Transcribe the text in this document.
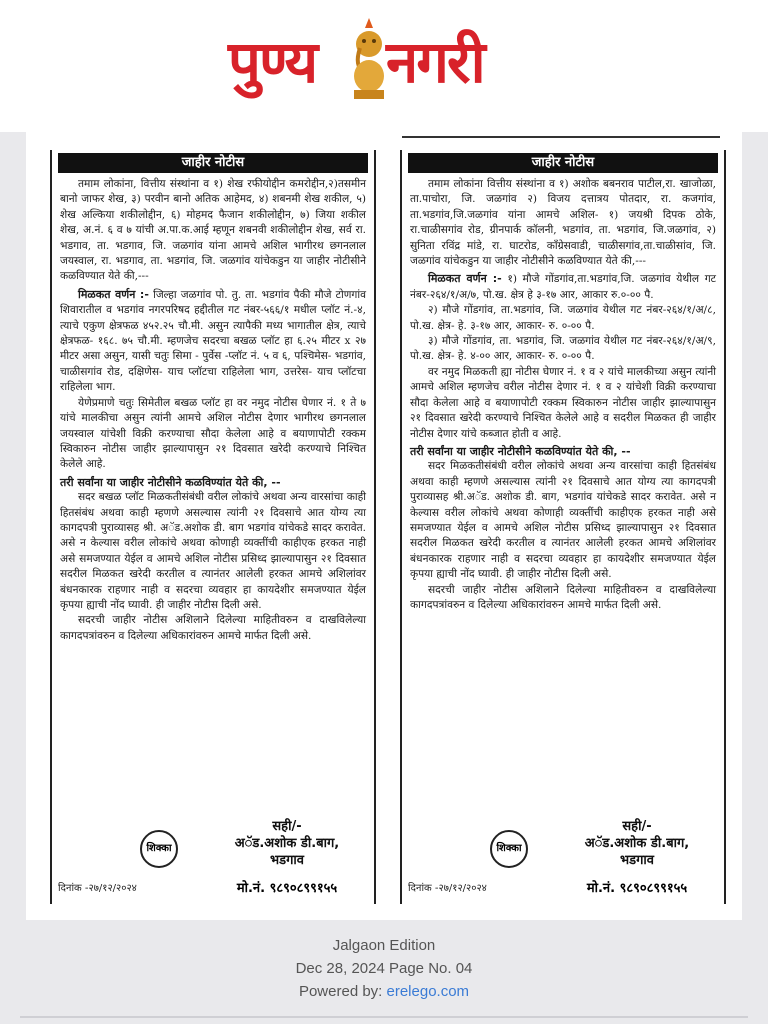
पुण्य नगरी
जाहीर नोटीस

तमाम लोकांना, वित्तीय संस्थांना व १) शेख रफीयोद्दीन कमरोद्दीन,२)तसमीन बानो जाफर शेख, ३) परवीन बानो अतिक आहेमद, ४) शबनमी शेख शकील, ५) शेख अल्किया शकीलोद्दीन, ६) मोहमद फैजान शकीलोद्दीन, ७) जिया शकील शेख, अ.नं. ६ व ७ यांची अ.पा.क.आई म्हणून शबनवी शकीलोद्दीन शेख, सर्व रा. भडगाव, ता. भडगाव, जि. जळगांव यांना आमचे अशिल भागीरथ छगनलाल जयस्वाल, रा. भडगाव, ता. भडगांव, जि. जळगांव यांचेकडुन या जाहीर नोटीसीने कळविण्यात येते की,---

मिळकत वर्णन :- जिल्हा जळगांव पो. तु. ता. भडगांव पैकी मौजे टोणगांव शिवारातील व भडगांव नगरपरिषद हद्दीतील गट नंबर-५६६/१ मधील प्लॉट नं.-४, त्याचे एकुण क्षेत्रफळ ४५२.२५ चौ.मी. असुन त्यापैकी मध्य भागातील क्षेत्र, त्याचे क्षेत्रफळ- १६८. ७५ चौ.मी. म्हणजेच सदरचा बखळ प्लॉट हा ६.२५ मीटर x २७ मीटर असा असुन, यासी चतुः सिमा - पुर्वेस -प्लॉट नं. ५ व ६, पश्चिमेस- भडगांव, चाळीसगांव रोड, दक्षिणेस- याच प्लॉटचा राहिलेला भाग, उत्तरेस- याच प्लॉटचा राहिलेला भाग.

येणेप्रमाणे चतुः सिमेतील बखळ प्लॉट हा वर नमुद नोटीस घेणार नं. १ ते ७ यांचे मालकीचा असुन त्यांनी आमचे अशिल नोटीस देणार भागीरथ छगनलाल जयस्वाल यांचेशी विक्री करण्याचा सौदा केलेला आहे व बयाणापोटी रक्कम स्विकारुन नोटीस जाहीर झाल्यापासुन २१ दिवसात खरेदी करण्याचे निश्चित केलेले आहे.

तरी सर्वांना या जाहीर नोटीसीने कळविण्यांत येते की, --

सदर बखळ प्लॉट मिळकतीसंबंधी वरील लोकांचे अथवा अन्य वारसांचा काही हितसंबंध अथवा काही म्हणणे असल्यास त्यांनी २१ दिवसाचे आत योग्य त्या कागदपत्री पुराव्यासह श्री. अॅड.अशोक डी. बाग भडगांव यांचेकडे सादर करावेत. असे न केल्यास वरील लोकांचे अथवा कोणाही व्यक्तींची काहीएक हरकत नाही असे समजण्यात येईल व आमचे अशिल नोटीस प्रसिध्द झाल्यापासुन २१ दिवसात सदरील मिळकत खरेदी करतील व त्यानंतर आलेली हरकत आमचे अशिलांवर बंधनकारक राहणार नाही व सदरचा व्यवहार हा कायदेशीर समजण्यात येईल कृपया ह्याची नोंद घ्यावी. ही जाहीर नोटीस दिली असे.

सदरची जाहीर नोटीस अशिलाने दिलेल्या माहितीवरुन व दाखविलेल्या कागदपत्रांवरुन व दिलेल्या अधिकारांवरुन आमचे मार्फत दिली असे.

शिक्का
सही/-
अॅड.अशोक डी.बाग,
भडगाव
दिनांक -२७/१२/२०२४	मो.नं. ९८९०८९९१५५
जाहीर नोटीस

तमाम लोकांना वित्तीय संस्थांना व १) अशोक बबनराव पाटील,रा. खाजोळा, ता.पाचोरा, जि. जळगांव २) विजय दत्तात्रय पोतदार, रा. कजगांव, ता.भडगांव,जि.जळगांव यांना आमचे अशिल- १) जयश्री दिपक ठोके, रा.चाळीसगांव रोड, ग्रीनपार्क कॉलनी, भडगांव, ता. भडगांव, जि.जळगांव, २) सुनिता रविंद्र मांडे, रा. घाटरोड, कॉंग्रेसवाडी, चाळीसगांव,ता.चाळीसांव, जि. जळगांव यांचेकडुन या जाहीर नोटीसीने कळविण्यात येते की,---

मिळकत वर्णन :- १) मौजे गोंडगांव,ता.भडगांव,जि. जळगांव येथील गट नंबर-२६४/१/अ/७, पो.ख. क्षेत्र हे ३-१७ आर, आकार रु.०-०० पै.

२) मौजे गोंडगांव, ता.भडगांव, जि. जळगांव येथील गट नंबर-२६४/१/अ/८, पो.ख. क्षेत्र- हे. ३-१७ आर, आकार- रु. ०-०० पै.

३) मौजे गोंडगांव, ता. भडगांव, जि. जळगांव येथील गट नंबर-२६४/१/अ/९, पो.ख. क्षेत्र- हे. ४-०० आर, आकार- रु. ०-०० पै.

वर नमुद मिळकती ह्या नोटीस घेणार नं. १ व २ यांचे मालकीच्या असुन त्यांनी आमचे अशिल म्हणजेच वरील नोटीस देणार नं. १ व २ यांचेशी विक्री करण्याचा सौदा केलेला आहे व बयाणापोटी रक्कम स्विकारुन नोटीस जाहीर झाल्यापासुन २१ दिवसात खरेदी करण्याचे निश्चित केलेले आहे व सदरील मिळकत ही जाहीर नोटीस देणार यांचे कब्जात होती व आहे.

तरी सर्वांना या जाहीर नोटीसीने कळविण्यांत येते की, --

सदर मिळकतीसंबंधी वरील लोकांचे अथवा अन्य वारसांचा काही हितसंबंध अथवा काही म्हणणे असल्यास त्यांनी २१ दिवसाचे आत योग्य त्या कागदपत्री पुराव्यासह श्री.अॅड. अशोक डी. बाग, भडगांव यांचेकडे सादर करावेत. असे न केल्यास वरील लोकांचे अथवा कोणाही व्यक्तींची काहीएक हरकत नाही असे समजण्यात येईल व आमचे अशिल नोटीस प्रसिध्द झाल्यापासुन २१ दिवसात सदरील मिळकत खरेदी करतील व त्यानंतर आलेली हरकत आमचे अशिलांवर बंधनकारक राहणार नाही व सदरचा व्यवहार हा कायदेशीर समजण्यात येईल कृपया ह्याची नोंद घ्यावी. ही जाहीर नोटीस दिली असे.

सदरची जाहीर नोटीस अशिलाने दिलेल्या माहितीवरुन व दाखविलेल्या कागदपत्रांवरुन व दिलेल्या अधिकारांवरुन आमचे मार्फत दिली असे.

शिक्का
सही/-
अॅड.अशोक डी.बाग,
भडगाव
दिनांक -२७/१२/२०२४	मो.नं. ९८९०८९९१५५
Jalgaon Edition
Dec 28, 2024 Page No. 04
Powered by: erelego.com
